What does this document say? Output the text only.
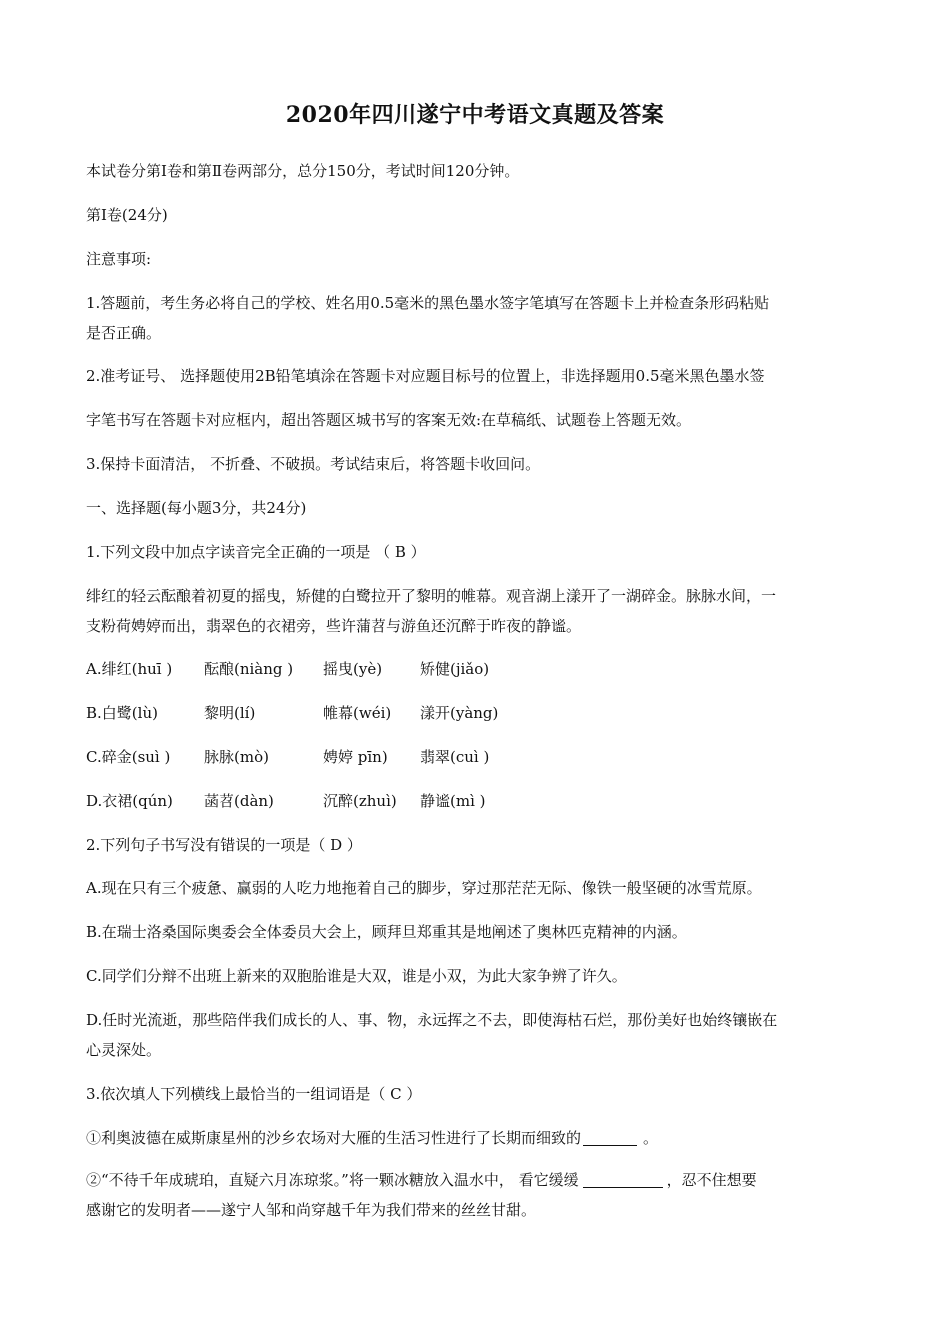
2020年四川遂宁中考语文真题及答案

本试卷分第Ⅰ卷和第Ⅱ卷两部分，总分150分，考试时间120分钟。

第Ⅰ卷(24分)

注意事项:

1.答题前，考生务必将自己的学校、姓名用0.5毫米的黑色墨水签字笔填写在答题卡上并检查条形码粘贴

是否正确。

2.准考证号、 选择题使用2B铅笔填涂在答题卡对应题目标号的位置上，非选择题用0.5毫米黑色墨水签

字笔书写在答题卡对应框内，超出答题区城书写的客案无效:在草稿纸、试题卷上答题无效。

3.保持卡面清洁， 不折叠、不破损。考试结束后，将答题卡收回问。

一、选择题(每小题3分，共24分)

1.下列文段中加点字读音完全正确的一项是 （ B ）

绯红的轻云酝酿着初夏的摇曳，矫健的白鹭拉开了黎明的帷幕。观音湖上漾开了一湖碎金。脉脉水间，一

支粉荷娉婷而出，翡翠色的衣裙旁，些许蒲苕与游鱼还沉醉于昨夜的静谧。

A.绯红(huī ) 酝酿(niàng ) 摇曳(yè)	矫健(jiǎo)

B.白鹭(lù)	黎明(lí)	帷幕(wéi) 漾开(yàng)

C.碎金(suì ) 脉脉(mò)	娉婷 pīn) 翡翠(cuì )

D.衣裙(qún) 菡苕(dàn)	沉醉(zhuì) 静谧(mì )

2.下列句子书写没有错误的一项是（ D ）

A.现在只有三个疲惫、赢弱的人吃力地拖着自己的脚步，穿过那茫茫无际、像铁一般坚硬的冰雪荒原。

B.在瑞士洛桑国际奥委会全体委员大会上，顾拜旦郑重其是地阐述了奥林匹克精神的内涵。

C.同学们分辩不出班上新来的双胞胎谁是大双，谁是小双，为此大家争辨了许久。

D.任时光流逝，那些陪伴我们成长的人、事、物，永远挥之不去，即使海枯石烂，那份美好也始终镶嵌在

心灵深处。

3.依次填人下列横线上最恰当的一组词语是（ C ）

①利奥波德在威斯康星州的沙乡农场对大雁的生活习性进行了长期而细致的	。

②“不待千年成琥珀，直疑六月冻琼浆。”将一颗冰糖放入温水中， 看它缓缓	，忍不住想要

感谢它的发明者——遂宁人邹和尚穿越千年为我们带来的丝丝甘甜。
